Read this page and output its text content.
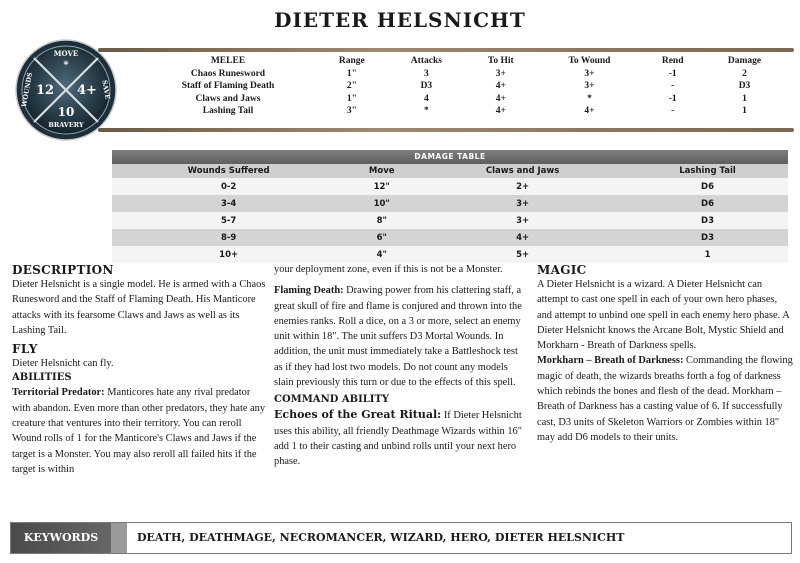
DIETER HELSNICHT
MOVE
*
12 4+
10
BRAVERY
WOUNDS	SAVE
MELEE	Range	Attacks	To Hit	To Wound	Rend	Damage
Chaos Runesword	1"	3	3+	3+	-1	2
Staff of Flaming Death	2"	D3	4+	3+	-	D3
Claws and Jaws	1"	4	4+	*	-1	1
Lashing Tail	3"	*	4+	4+	-	1
DAMAGE TABLE
Wounds Suffered	Move	Claws and Jaws	Lashing Tail
0-2	12"	2+	D6
3-4	10"	3+	D6
5-7	8"	3+	D3
8-9	6"	4+	D3
10+	4"	5+	1
DESCRIPTION

Dieter Helsnicht is a single model. He is armed with a Chaos Runesword and the Staff of Flaming Death. His Manticore attacks with its fearsome Claws and Jaws as well as its Lashing Tail.

FLY

Dieter Helsnicht can fly.

ABILITIES

Territorial Predator: Manticores hate any rival predator with abandon. Even more than other predators, they hate any creature that ventures into their territory. You can reroll Wound rolls of 1 for the Manticore's Claws and Jaws if the target is a Monster. You may also reroll all failed hits if the target is within

your deployment zone, even if this is not be a Monster.

Flaming Death: Drawing power from his clattering staff, a great skull of fire and flame is conjured and thrown into the enemies ranks. Roll a dice, on a 3 or more, select an enemy unit within 18". The unit suffers D3 Mortal Wounds. In addition, the unit must immediately take a Battleshock test as if they had lost two models. Do not count any models slain previously this turn or due to the effects of this spell.

COMMAND ABILITY

Echoes of the Great Ritual: If Dieter Helsnicht uses this ability, all friendly Deathmage Wizards within 16" add 1 to their casting and unbind rolls until your next hero phase.

MAGIC

A Dieter Helsnicht is a wizard. A Dieter Helsnicht can attempt to cast one spell in each of your own hero phases, and attempt to unbind one spell in each enemy hero phase. A Dieter Helsnicht knows the Arcane Bolt, Mystic Shield and Morkharn - Breath of Darkness spells.

Morkharn – Breath of Darkness: Commanding the flowing magic of death, the wizards breaths forth a fog of darkness which rebinds the bones and flesh of the dead. Morkharn – Breath of Darkness has a casting value of 6. If successfully cast, D3 units of Skeleton Warriors or Zombies within 18" may add D6 models to their units.

KEYWORDS	DEATH, DEATHMAGE, NECROMANCER, WIZARD, HERO, DIETER HELSNICHT
